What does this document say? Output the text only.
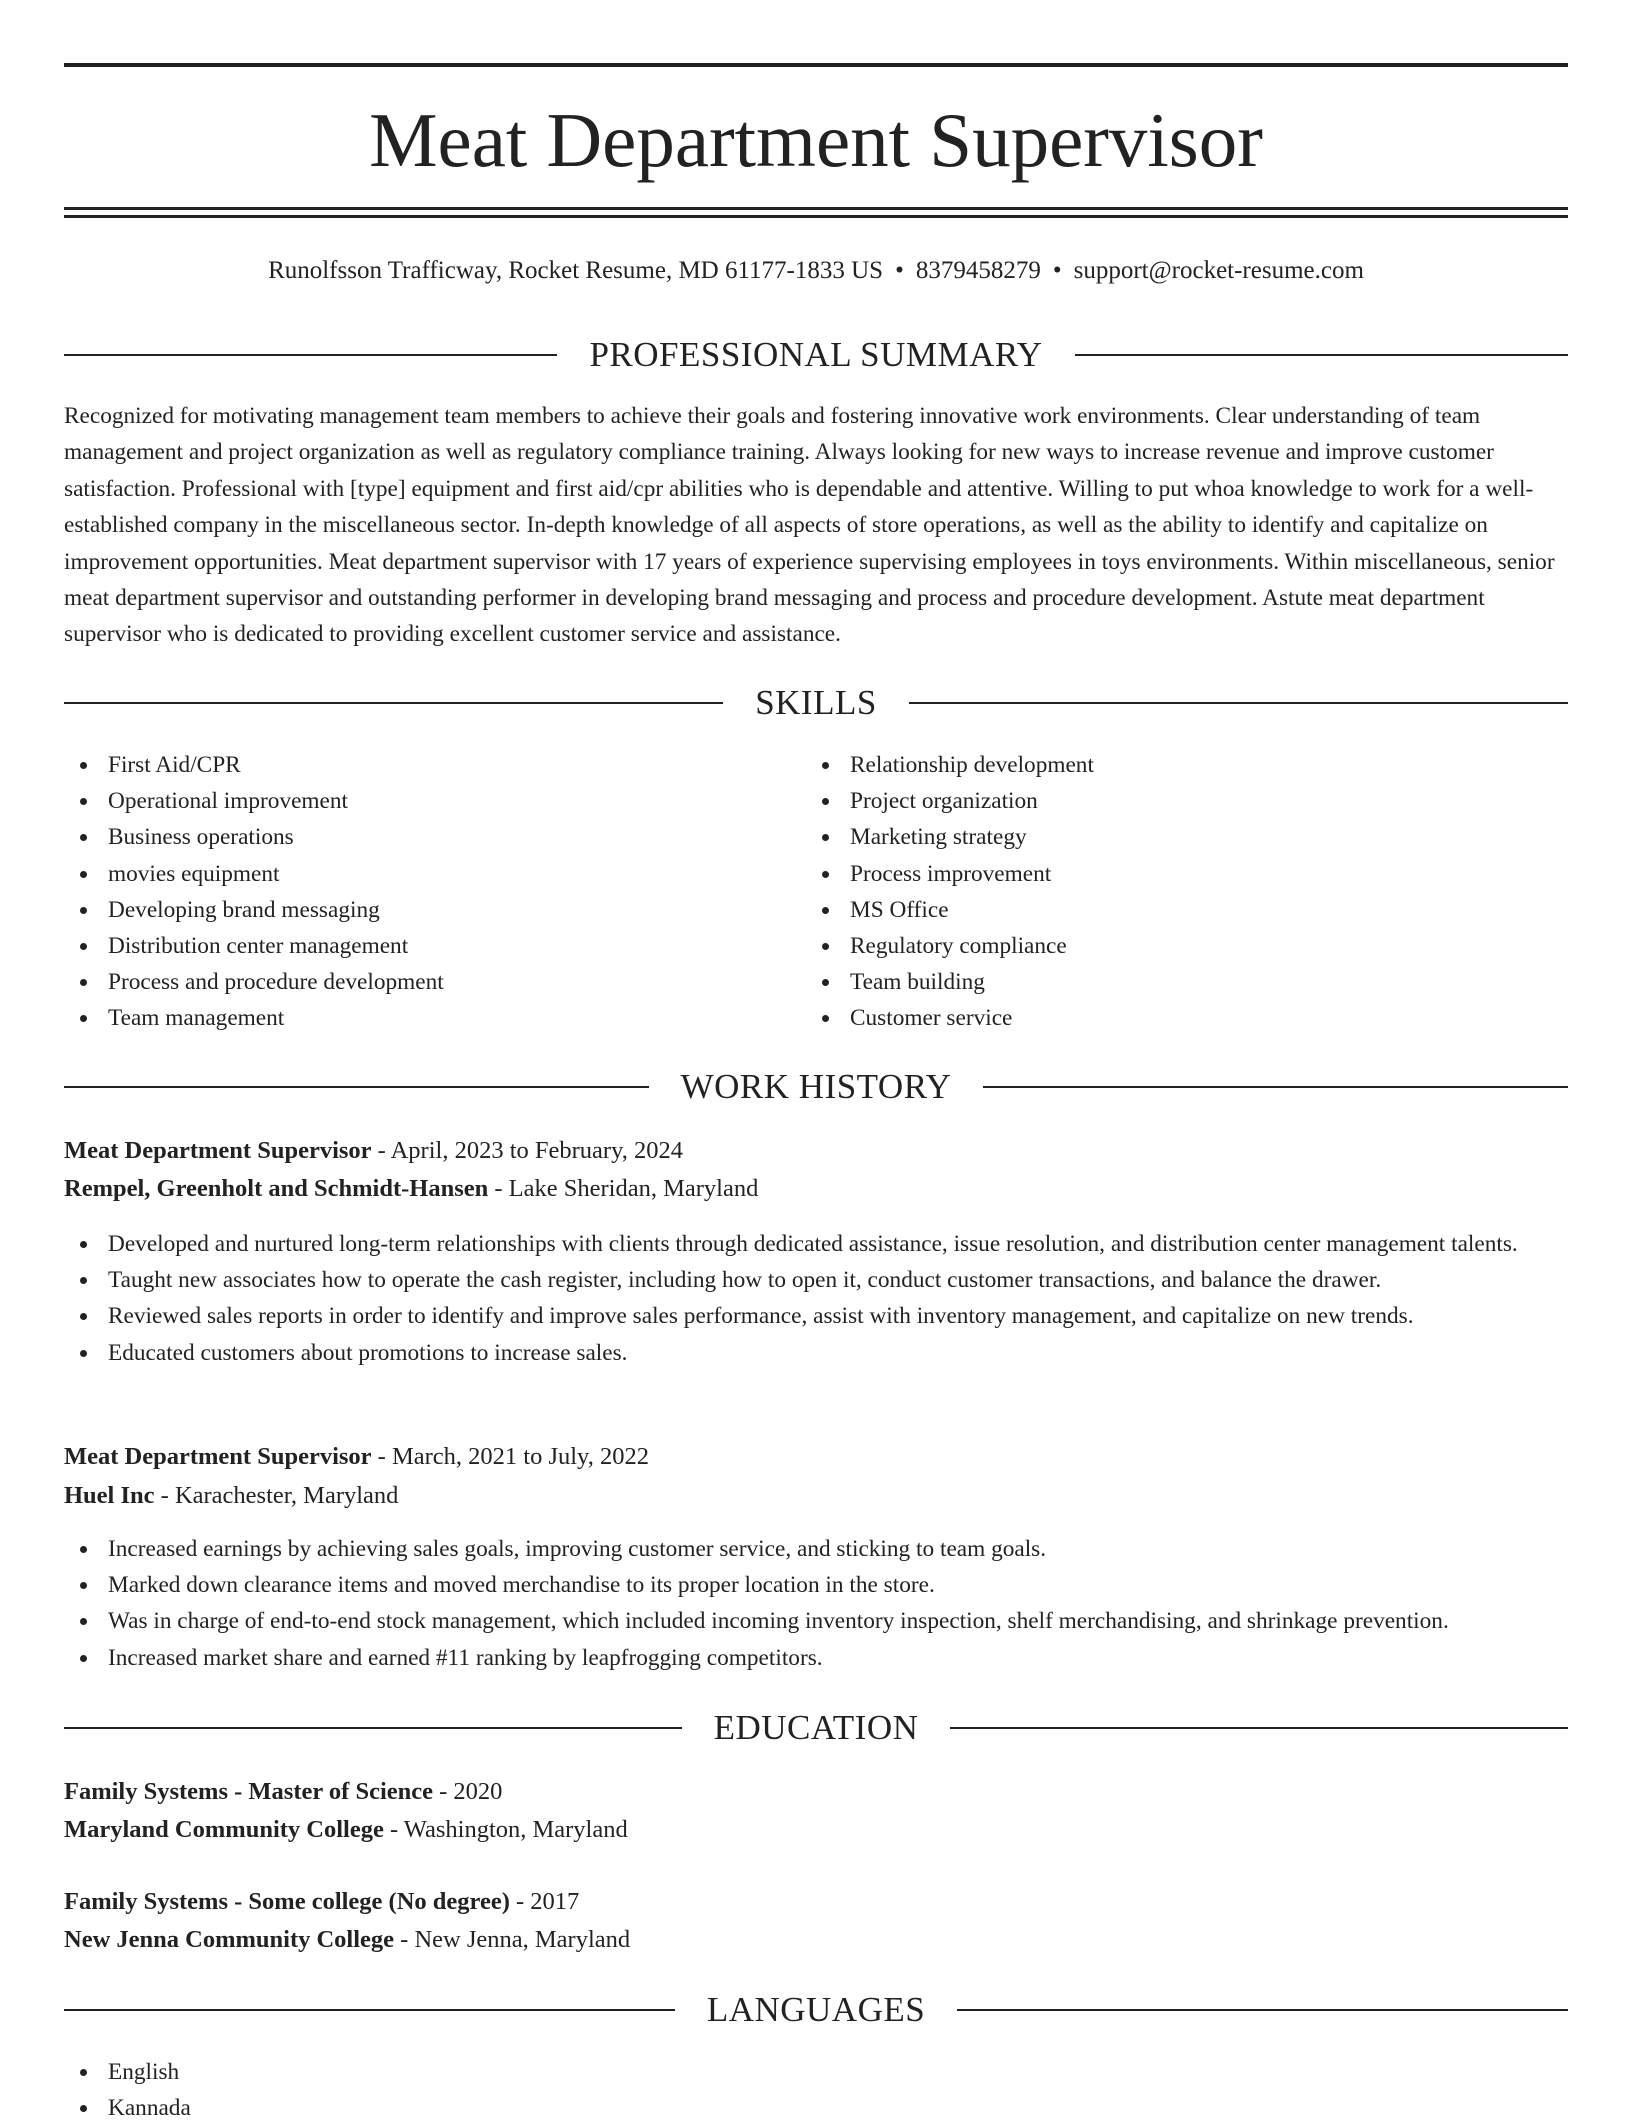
Meat Department Supervisor
Runolfsson Trafficway, Rocket Resume, MD 61177-1833 US • 8379458279 • support@rocket-resume.com
PROFESSIONAL SUMMARY

Recognized for motivating management team members to achieve their goals and fostering innovative work environments. Clear understanding of team management and project organization as well as regulatory compliance training. Always looking for new ways to increase revenue and improve customer satisfaction. Professional with [type] equipment and first aid/cpr abilities who is dependable and attentive. Willing to put whoa knowledge to work for a well-established company in the miscellaneous sector. In-depth knowledge of all aspects of store operations, as well as the ability to identify and capitalize on improvement opportunities. Meat department supervisor with 17 years of experience supervising employees in toys environments. Within miscellaneous, senior meat department supervisor and outstanding performer in developing brand messaging and process and procedure development. Astute meat department supervisor who is dedicated to providing excellent customer service and assistance.

SKILLS
First Aid/CPR
Operational improvement
Business operations
movies equipment
Developing brand messaging
Distribution center management
Process and procedure development
Team management
Relationship development
Project organization
Marketing strategy
Process improvement
MS Office
Regulatory compliance
Team building
Customer service
WORK HISTORY
Meat Department Supervisor - April, 2023 to February, 2024
Rempel, Greenholt and Schmidt-Hansen - Lake Sheridan, Maryland
Developed and nurtured long-term relationships with clients through dedicated assistance, issue resolution, and distribution center management talents.
Taught new associates how to operate the cash register, including how to open it, conduct customer transactions, and balance the drawer.
Reviewed sales reports in order to identify and improve sales performance, assist with inventory management, and capitalize on new trends.
Educated customers about promotions to increase sales.
Meat Department Supervisor - March, 2021 to July, 2022
Huel Inc - Karachester, Maryland
Increased earnings by achieving sales goals, improving customer service, and sticking to team goals.
Marked down clearance items and moved merchandise to its proper location in the store.
Was in charge of end-to-end stock management, which included incoming inventory inspection, shelf merchandising, and shrinkage prevention.
Increased market share and earned #11 ranking by leapfrogging competitors.
EDUCATION
Family Systems - Master of Science - 2020
Maryland Community College - Washington, Maryland
Family Systems - Some college (No degree) - 2017
New Jenna Community College - New Jenna, Maryland
LANGUAGES
English
Kannada
